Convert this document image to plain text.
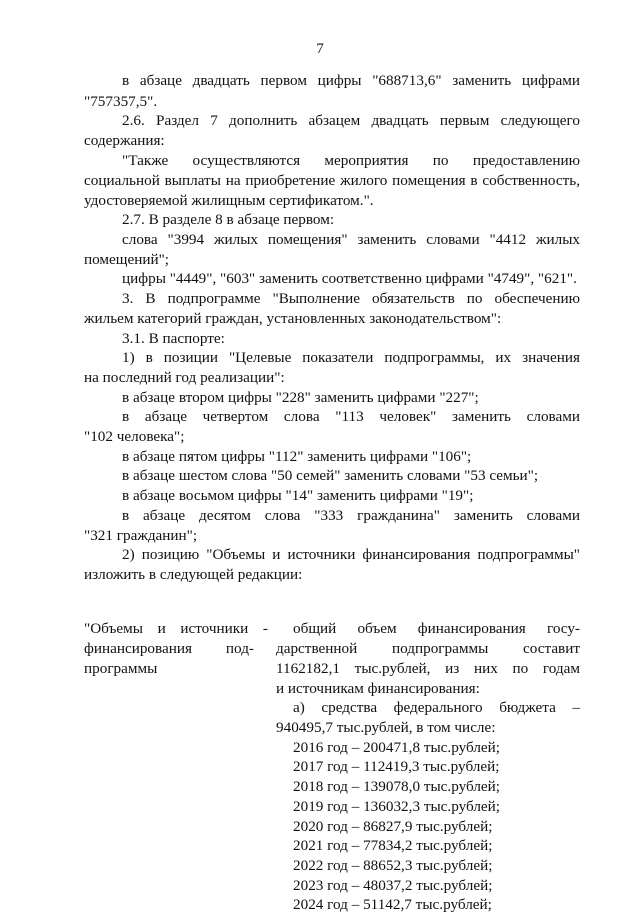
7
в абзаце двадцать первом цифры "688713,6" заменить цифрами
"757357,5".
2.6. Раздел 7 дополнить абзацем двадцать первым следующего
содержания:
"Также осуществляются мероприятия по предоставлению
социальной выплаты на приобретение жилого помещения в собственность,
удостоверяемой жилищным сертификатом.".
2.7. В разделе 8 в абзаце первом:
слова "3994 жилых помещения" заменить словами "4412 жилых
помещений";
цифры "4449", "603" заменить соответственно цифрами "4749", "621".
3. В подпрограмме "Выполнение обязательств по обеспечению
жильем категорий граждан, установленных законодательством":
3.1. В паспорте:
1) в позиции "Целевые показатели подпрограммы, их значения
на последний год реализации":
в абзаце втором цифры "228" заменить цифрами "227";
в абзаце четвертом слова "113 человек" заменить словами
"102 человека";
в абзаце пятом цифры "112" заменить цифрами "106";
в абзаце шестом слова "50 семей" заменить словами "53 семьи";
в абзаце восьмом цифры "14" заменить цифрами "19";
в абзаце десятом слова "333 гражданина" заменить словами
"321 гражданин";
2) позицию "Объемы и источники финансирования подпрограммы"
изложить в следующей редакции:
"Объемы и источники -
финансирования под-
программы
общий объем финансирования госу-
дарственной подпрограммы составит
1162182,1 тыс.рублей, из них по годам
и источникам финансирования:
а) средства федерального бюджета –
940495,7 тыс.рублей, в том числе:
2016 год – 200471,8 тыс.рублей;
2017 год – 112419,3 тыс.рублей;
2018 год – 139078,0 тыс.рублей;
2019 год – 136032,3 тыс.рублей;
2020 год – 86827,9 тыс.рублей;
2021 год – 77834,2 тыс.рублей;
2022 год – 88652,3 тыс.рублей;
2023 год – 48037,2 тыс.рублей;
2024 год – 51142,7 тыс.рублей;
